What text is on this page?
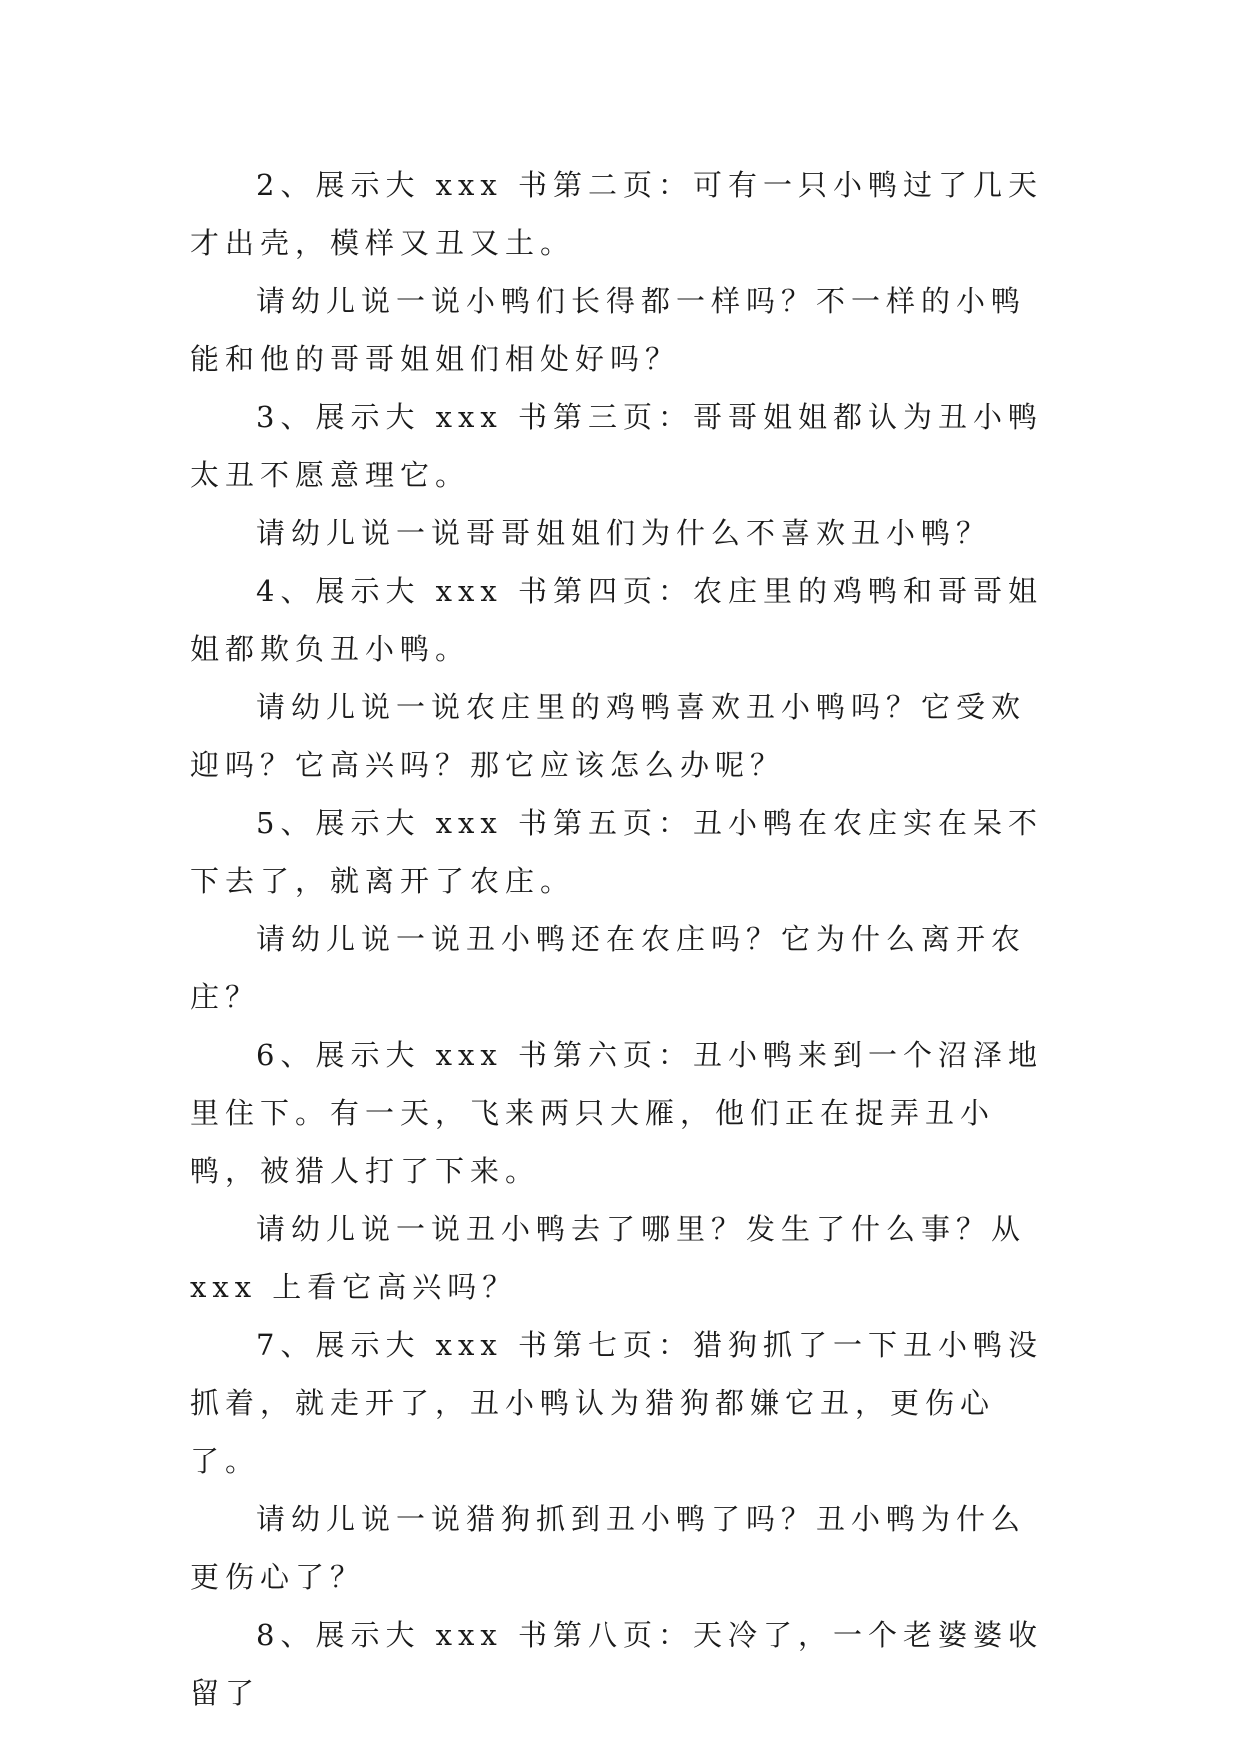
2、展示大 xxx 书第二页：可有一只小鸭过了几天才出壳，模样又丑又土。

请幼儿说一说小鸭们长得都一样吗？不一样的小鸭能和他的哥哥姐姐们相处好吗？

3、展示大 xxx 书第三页：哥哥姐姐都认为丑小鸭太丑不愿意理它。

请幼儿说一说哥哥姐姐们为什么不喜欢丑小鸭？

4、展示大 xxx 书第四页：农庄里的鸡鸭和哥哥姐姐都欺负丑小鸭。

请幼儿说一说农庄里的鸡鸭喜欢丑小鸭吗？它受欢迎吗？它高兴吗？那它应该怎么办呢？

5、展示大 xxx 书第五页：丑小鸭在农庄实在呆不下去了，就离开了农庄。

请幼儿说一说丑小鸭还在农庄吗？它为什么离开农庄？

6、展示大 xxx 书第六页：丑小鸭来到一个沼泽地里住下。有一天，飞来两只大雁，他们正在捉弄丑小鸭，被猎人打了下来。

请幼儿说一说丑小鸭去了哪里？发生了什么事？从 xxx 上看它高兴吗？

7、展示大 xxx 书第七页：猎狗抓了一下丑小鸭没抓着，就走开了，丑小鸭认为猎狗都嫌它丑，更伤心了。

请幼儿说一说猎狗抓到丑小鸭了吗？丑小鸭为什么更伤心了？

8、展示大 xxx 书第八页：天冷了，一个老婆婆收留了
